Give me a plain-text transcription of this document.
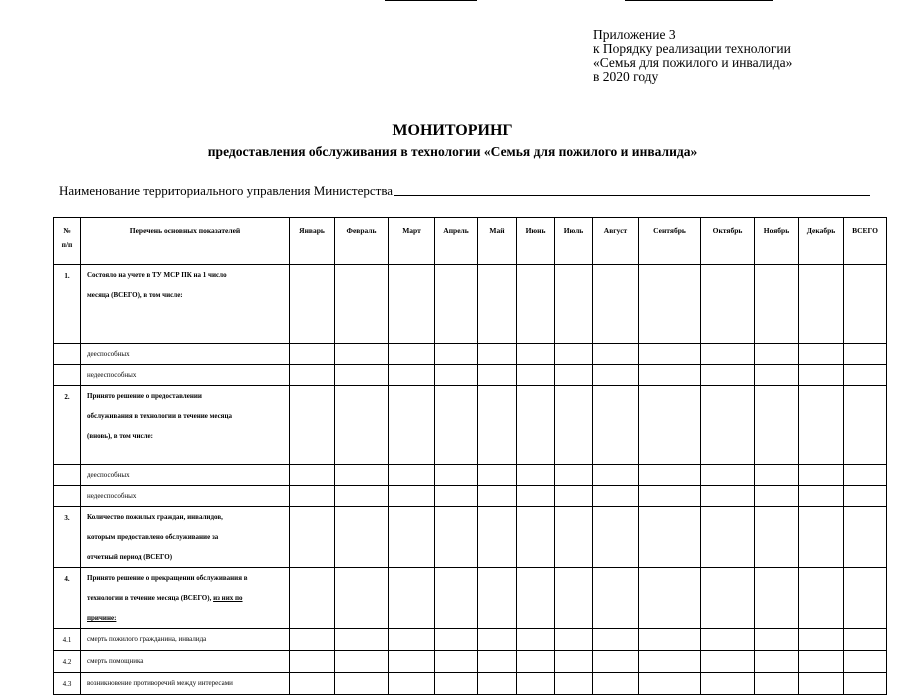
Приложение 3
к Порядку реализации технологии
«Семья для пожилого и инвалида»
в 2020 году
МОНИТОРИНГ
предоставления обслуживания в технологии «Семья для пожилого и инвалида»
Наименование территориального управления Министерства
№
п/п	Перечень основных показателей	Январь	Февраль	Март	Апрель	Май	Июнь	Июль	Август	Сентябрь	Октябрь	Ноябрь	Декабрь	ВСЕГО
1.	Состояло на учете в ТУ МСР ПК на 1 число
месяца (ВСЕГО), в том числе:													

	дееспособных													

	недееспособных													

2.	Принято решение о предоставлении
обслуживания в технологии в течение месяца
(вновь), в том числе:													

	дееспособных													

	недееспособных													

3.	Количество пожилых граждан, инвалидов,
которым предоставлено обслуживание за
отчетный период (ВСЕГО)													

4.	Принято решение о прекращении обслуживания в
технологии в течение месяца (ВСЕГО), из них по
причине:													

4.1	смерть пожилого гражданина, инвалида													

4.2	смерть помощника													

4.3	возникновение противоречий между интересами													
